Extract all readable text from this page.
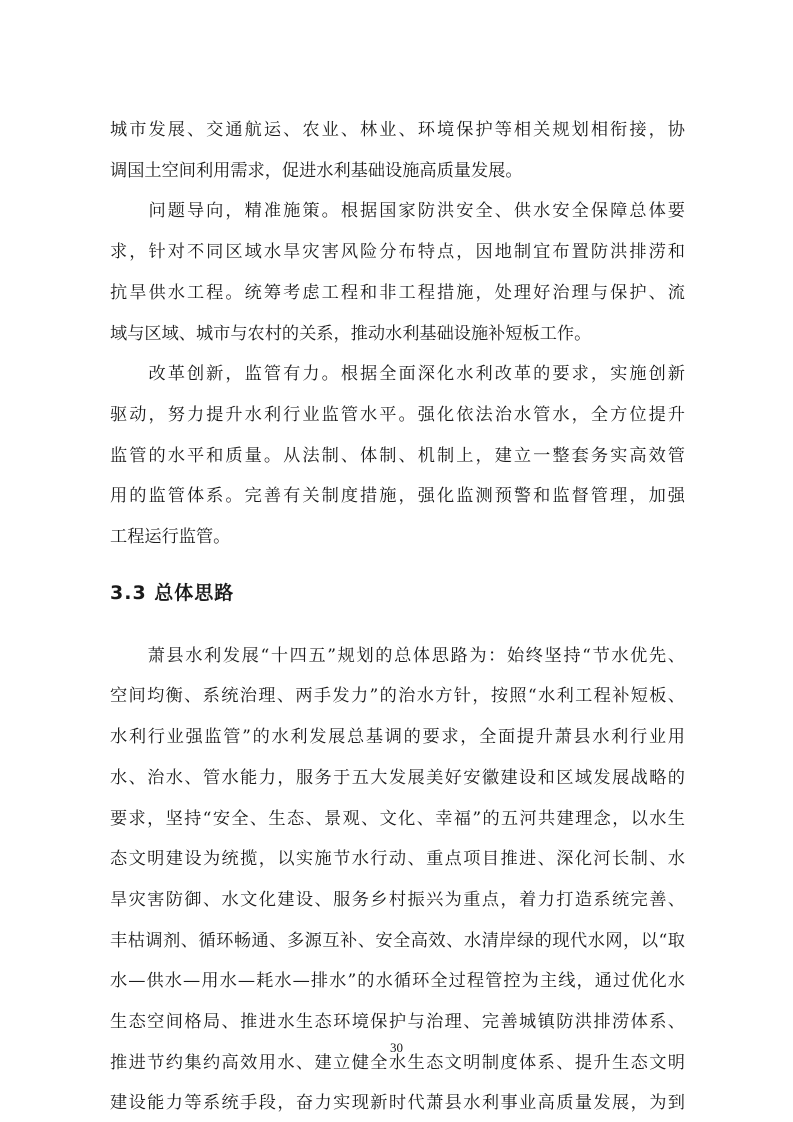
城市发展、交通航运、农业、林业、环境保护等相关规划相衔接，协
调国土空间利用需求，促进水利基础设施高质量发展。
　　问题导向，精准施策。根据国家防洪安全、供水安全保障总体要
求，针对不同区域水旱灾害风险分布特点，因地制宜布置防洪排涝和
抗旱供水工程。统筹考虑工程和非工程措施，处理好治理与保护、流
域与区域、城市与农村的关系，推动水利基础设施补短板工作。
　　改革创新，监管有力。根据全面深化水利改革的要求，实施创新
驱动，努力提升水利行业监管水平。强化依法治水管水，全方位提升
监管的水平和质量。从法制、体制、机制上，建立一整套务实高效管
3.3 总体思路
　　萧县水利发展“十四五”规划的总体思路为：始终坚持“节水优先、
空间均衡、系统治理、两手发力”的治水方针，按照“水利工程补短板、
水利行业强监管”的水利发展总基调的要求，全面提升萧县水利行业用
水、治水、管水能力，服务于五大发展美好安徽建设和区域发展战略的
要求，坚持“安全、生态、景观、文化、幸福”的五河共建理念，以水生
态文明建设为统揽，以实施节水行动、重点项目推进、深化河长制、水
旱灾害防御、水文化建设、服务乡村振兴为重点，着力打造系统完善、
丰枯调剂、循环畅通、多源互补、安全高效、水清岸绿的现代水网，以“取
水—供水—用水—耗水—排水”的水循环全过程管控为主线，通过优化水
生态空间格局、推进水生态环境保护与治理、完善城镇防洪排涝体系、
推进节约集约高效用水、建立健全水生态文明制度体系、提升生态文明
30
用的监管体系。完善有关制度措施，强化监测预警和监督管理，加强
工程运行监管。
建设能力等系统手段，奋力实现新时代萧县水利事业高质量发展，为到
